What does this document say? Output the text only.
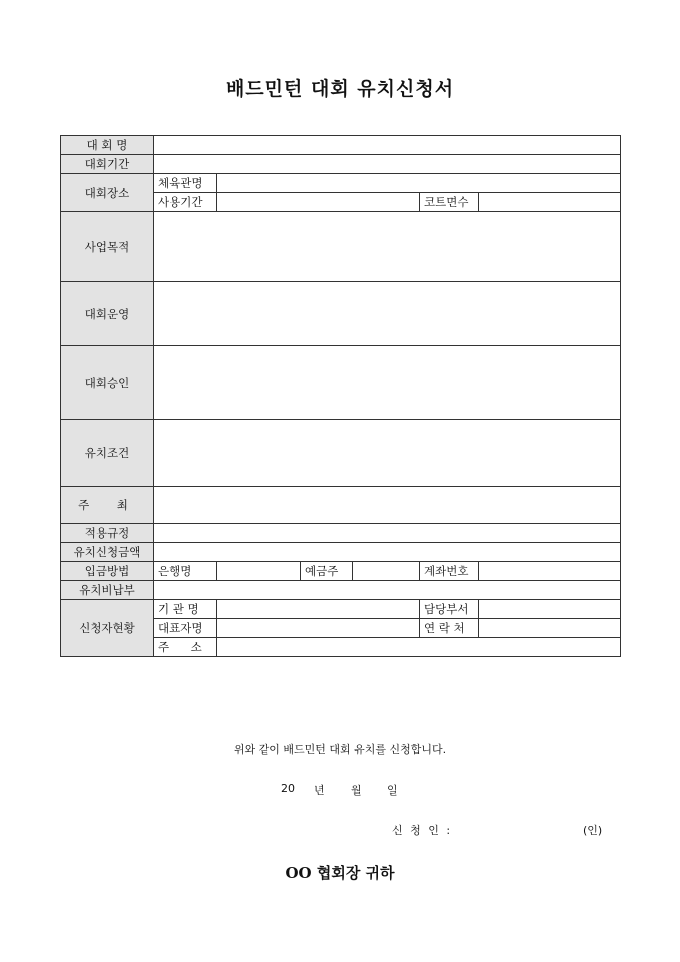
배드민턴 대회 유치신청서
대 회 명						
대회기간						
대회장소	체육관명					
	사용기간				코트면수	
사업목적						
대회운영						
대회승인						
유치조건						
주　최						
적용규정						
유치신청금액						
입금방법	은행명		예금주		계좌번호	
유치비납부						
신청자현황	기 관 명				담당부서	
	대표자명				연 락 처	
	주　소					
위와 같이 배드민턴 대회 유치를 신청합니다.
20 년 월 일
신 청 인 :	(인)
OO 협회장 귀하
